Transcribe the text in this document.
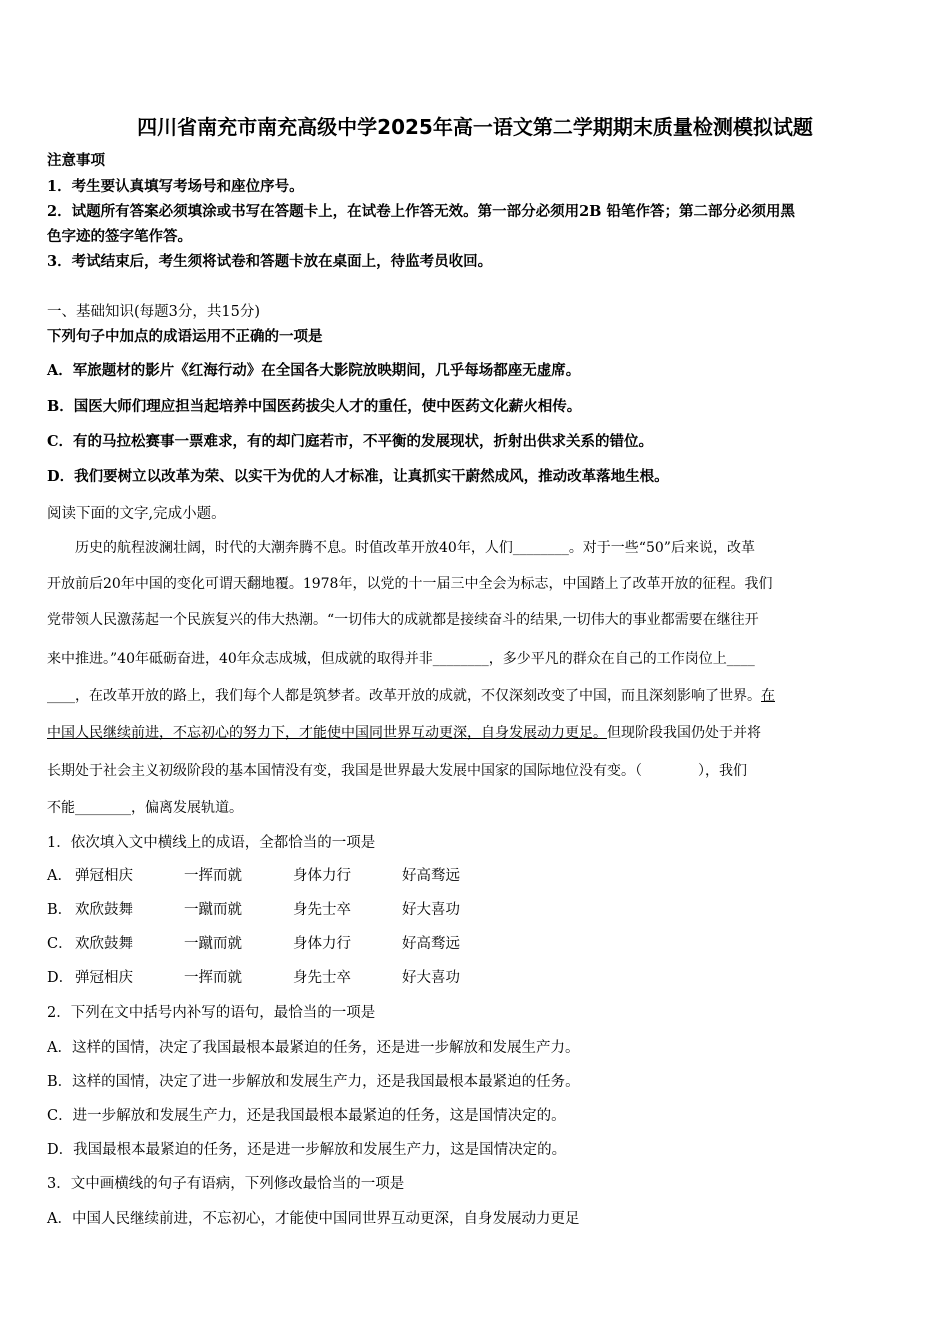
四川省南充市南充高级中学2025年高一语文第二学期期末质量检测模拟试题
注意事项
1．考生要认真填写考场号和座位序号。
2．试题所有答案必须填涂或书写在答题卡上，在试卷上作答无效。第一部分必须用2B 铅笔作答；第二部分必须用黑
色字迹的签字笔作答。
3．考试结束后，考生须将试卷和答题卡放在桌面上，待监考员收回。
一、基础知识(每题3分，共15分)
下列句子中加点的成语运用不正确的一项是
A．军旅题材的影片《红海行动》在全国各大影院放映期间，几乎每场都座无虚席。
B．国医大师们理应担当起培养中国医药拔尖人才的重任，使中医药文化薪火相传。
C．有的马拉松赛事一票难求，有的却门庭若市，不平衡的发展现状，折射出供求关系的错位。
D．我们要树立以改革为荣、以实干为优的人才标准，让真抓实干蔚然成风，推动改革落地生根。
阅读下面的文字,完成小题。
　　历史的航程波澜壮阔，时代的大潮奔腾不息。时值改革开放40年，人们________。对于一些“50”后来说，改革
开放前后20年中国的变化可谓天翻地覆。1978年，以党的十一届三中全会为标志，中国踏上了改革开放的征程。我们
党带领人民激荡起一个民族复兴的伟大热潮。“一切伟大的成就都是接续奋斗的结果,一切伟大的事业都需要在继往开
来中推进。”40年砥砺奋进，40年众志成城，但成就的取得并非________，多少平凡的群众在自己的工作岗位上____
____，在改革开放的路上，我们每个人都是筑梦者。改革开放的成就，不仅深刻改变了中国，而且深刻影响了世界。在
中国人民继续前进，不忘初心的努力下，才能使中国同世界互动更深，自身发展动力更足。但现阶段我国仍处于并将
长期处于社会主义初级阶段的基本国情没有变，我国是世界最大发展中国家的国际地位没有变。（　　　　），我们
不能________，偏离发展轨道。
1．依次填入文中横线上的成语，全都恰当的一项是
A． 弹冠相庆	一挥而就	身体力行	好高骛远
B． 欢欣鼓舞	一蹴而就	身先士卒	好大喜功
C． 欢欣鼓舞	一蹴而就	身体力行	好高骛远
D． 弹冠相庆	一挥而就	身先士卒	好大喜功
2．下列在文中括号内补写的语句，最恰当的一项是
A．这样的国情，决定了我国最根本最紧迫的任务，还是进一步解放和发展生产力。
B．这样的国情，决定了进一步解放和发展生产力，还是我国最根本最紧迫的任务。
C．进一步解放和发展生产力，还是我国最根本最紧迫的任务，这是国情决定的。
D．我国最根本最紧迫的任务，还是进一步解放和发展生产力，这是国情决定的。
3．文中画横线的句子有语病，下列修改最恰当的一项是
A．中国人民继续前进，不忘初心，才能使中国同世界互动更深，自身发展动力更足
